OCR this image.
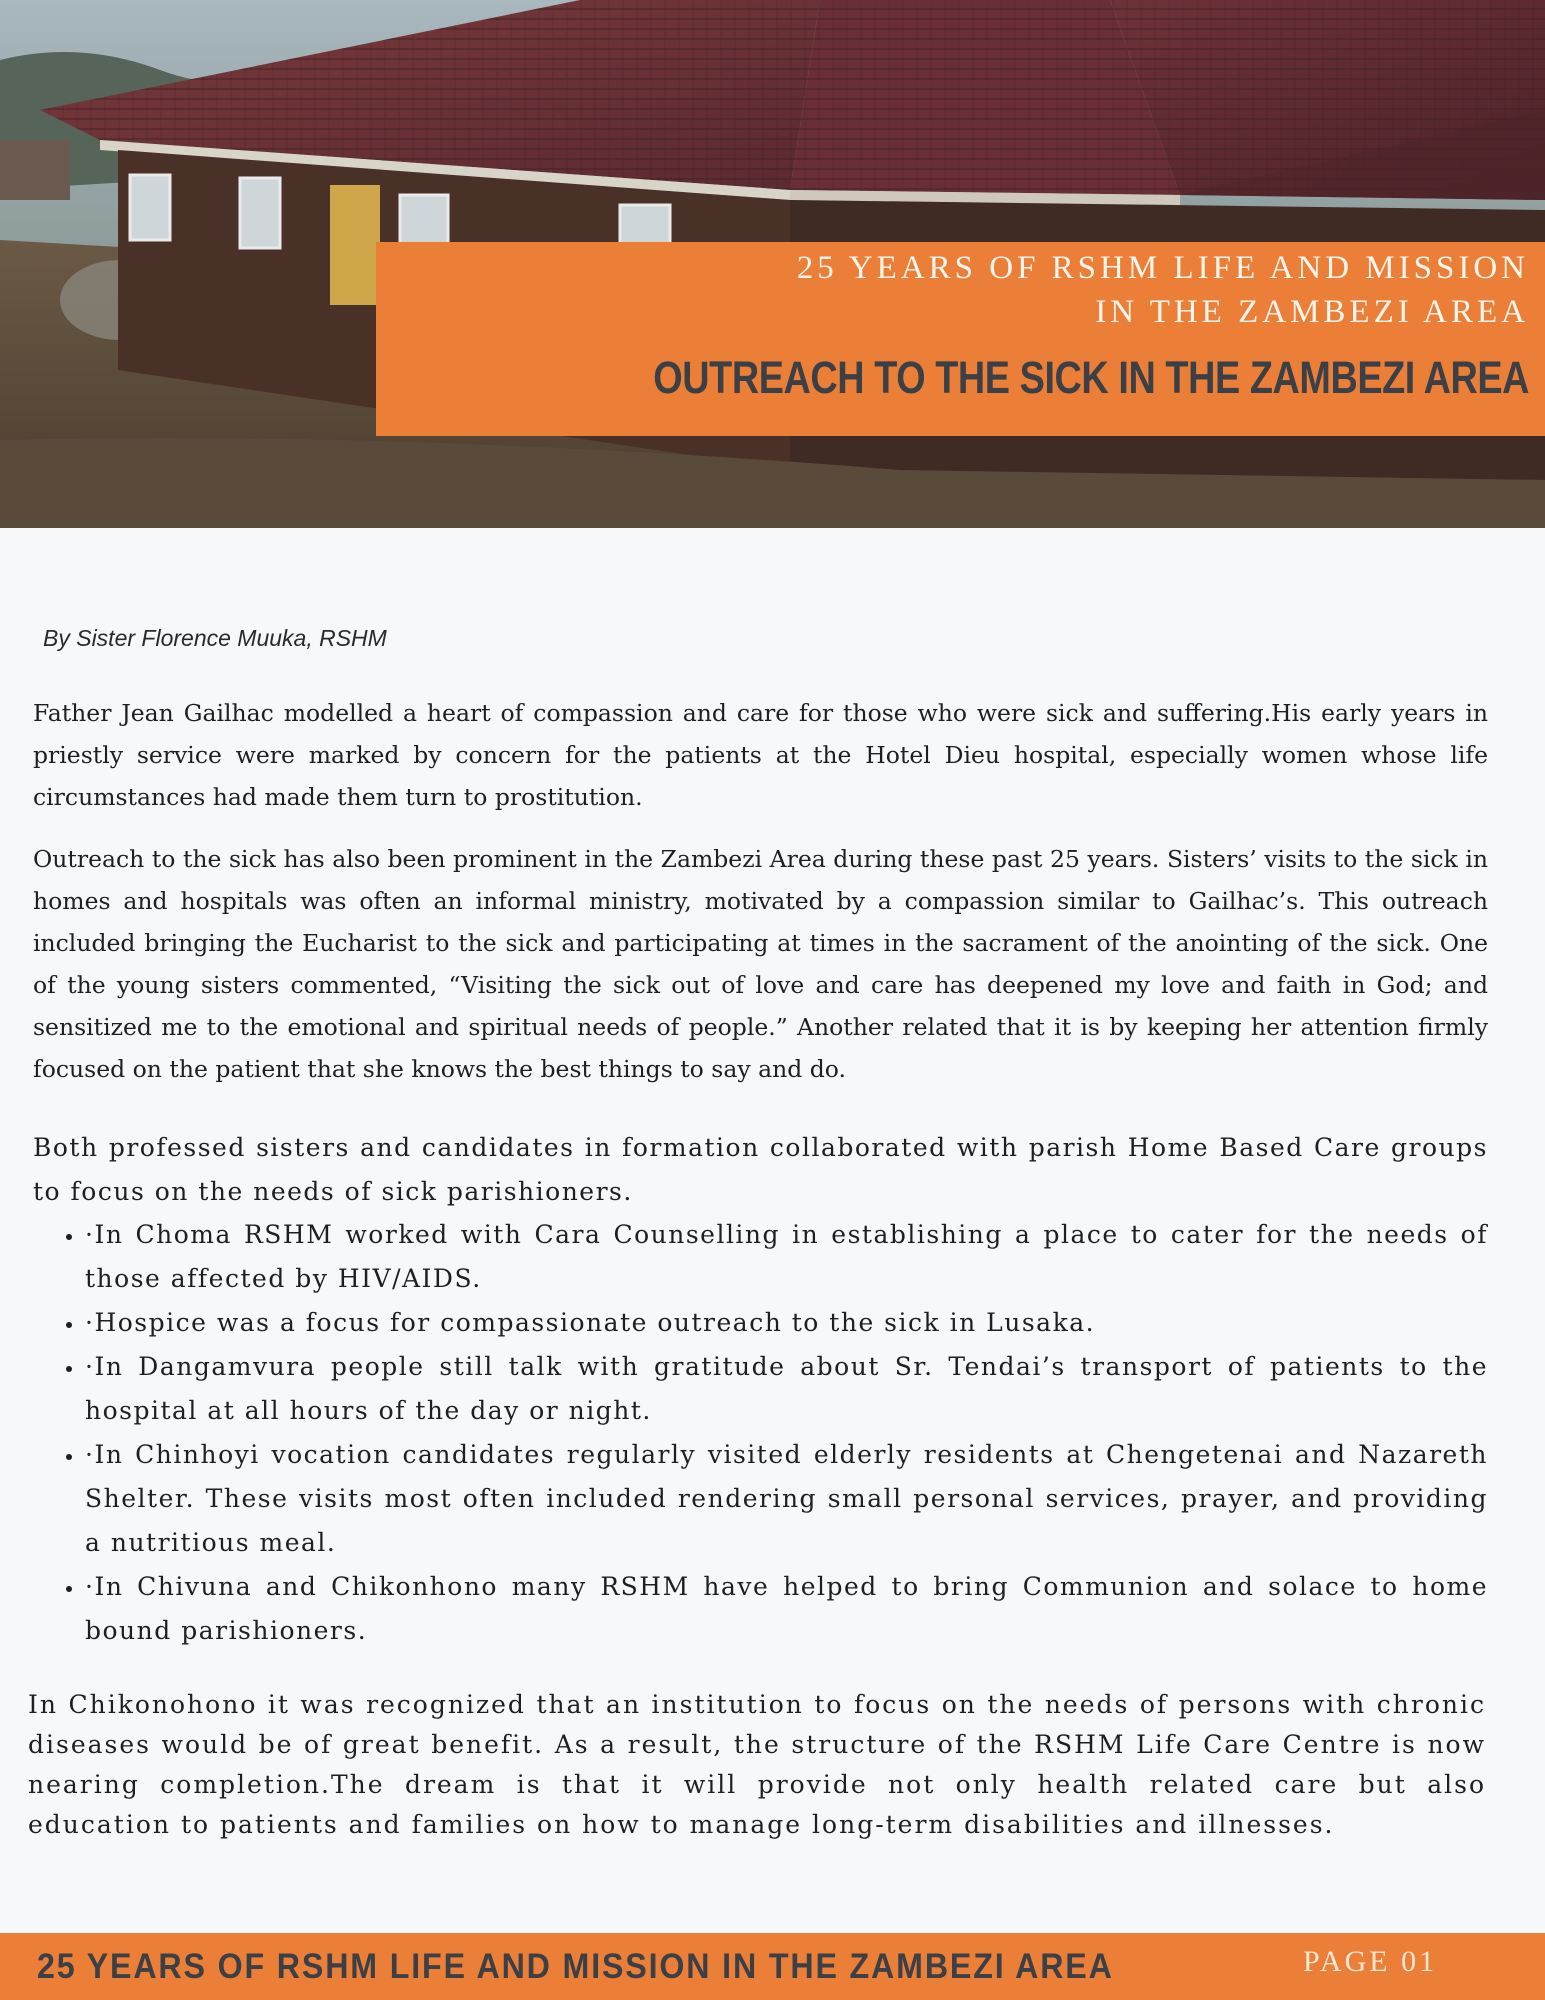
25 YEARS OF RSHM LIFE AND MISSION
IN THE ZAMBEZI AREA
OUTREACH TO THE SICK IN THE ZAMBEZI AREA
By Sister Florence Muuka, RSHM

Father Jean Gailhac modelled a heart of compassion and care for those who were sick and suffering.His early years in priestly service were marked by concern for the patients at the Hotel Dieu hospital, especially women whose life circumstances had made them turn to prostitution.

Outreach to the sick has also been prominent in the Zambezi Area during these past 25 years. Sisters’ visits to the sick in homes and hospitals was often an informal ministry, motivated by a compassion similar to Gailhac’s. This outreach included bringing the Eucharist to the sick and participating at times in the sacrament of the anointing of the sick. One of the young sisters commented, “Visiting the sick out of love and care has deepened my love and faith in God; and sensitized me to the emotional and spiritual needs of people.” Another related that it is by keeping her attention firmly focused on the patient that she knows the best things to say and do.

Both professed sisters and candidates in formation collaborated with parish Home Based Care groups to focus on the needs of sick parishioners.

• ·In Choma RSHM worked with Cara Counselling in establishing a place to cater for the needs of those affected by HIV/AIDS.
• ·Hospice was a focus for compassionate outreach to the sick in Lusaka.
• ·In Dangamvura people still talk with gratitude about Sr. Tendai’s transport of patients to the hospital at all hours of the day or night.
• ·In Chinhoyi vocation candidates regularly visited elderly residents at Chengetenai and Nazareth Shelter. These visits most often included rendering small personal services, prayer, and providing a nutritious meal.
• ·In Chivuna and Chikonhono many RSHM have helped to bring Communion and solace to home bound parishioners.

In Chikonohono it was recognized that an institution to focus on the needs of persons with chronic diseases would be of great benefit. As a result, the structure of the RSHM Life Care Centre is now nearing completion.The dream is that it will provide not only health related care but also education to patients and families on how to manage long-term disabilities and illnesses.

25 YEARS OF RSHM LIFE AND MISSION IN THE ZAMBEZI AREA	PAGE 01
